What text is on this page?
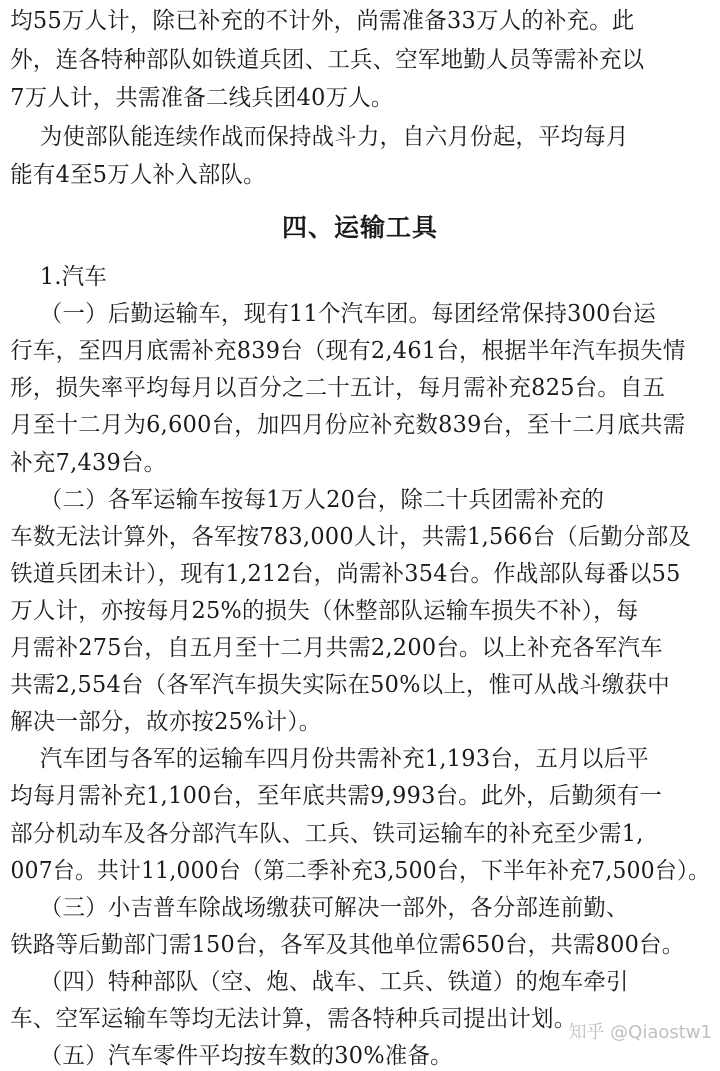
均55万人计，除已补充的不计外，尚需准备33万人的补充。此
外，连各特种部队如铁道兵团、工兵、空军地勤人员等需补充以
7万人计，共需准备二线兵团40万人。
为使部队能连续作战而保持战斗力，自六月份起，平均每月
能有4至5万人补入部队。
四、运输工具
1.汽车
（一）后勤运输车，现有11个汽车团。每团经常保持300台运
行车，至四月底需补充839台（现有2,461台，根据半年汽车损失情
形，损失率平均每月以百分之二十五计，每月需补充825台。自五
月至十二月为6,600台，加四月份应补充数839台，至十二月底共需
补充7,439台。
（二）各军运输车按每1万人20台，除二十兵团需补充的
车数无法计算外，各军按783,000人计，共需1,566台（后勤分部及
铁道兵团未计），现有1,212台，尚需补354台。作战部队每番以55
万人计，亦按每月25%的损失（休整部队运输车损失不补），每
月需补275台，自五月至十二月共需2,200台。以上补充各军汽车
共需2,554台（各军汽车损失实际在50%以上，惟可从战斗缴获中
解决一部分，故亦按25%计）。
汽车团与各军的运输车四月份共需补充1,193台，五月以后平
均每月需补充1,100台，至年底共需9,993台。此外，后勤须有一
部分机动车及各分部汽车队、工兵、铁司运输车的补充至少需1,
007台。共计11,000台（第二季补充3,500台，下半年补充7,500台）。
（三）小吉普车除战场缴获可解决一部外，各分部连前勤、
铁路等后勤部门需150台，各军及其他单位需650台，共需800台。
（四）特种部队（空、炮、战车、工兵、铁道）的炮车牵引
车、空军运输车等均无法计算，需各特种兵司提出计划。
（五）汽车零件平均按车数的30%准备。
知乎 @Qiaostw1
